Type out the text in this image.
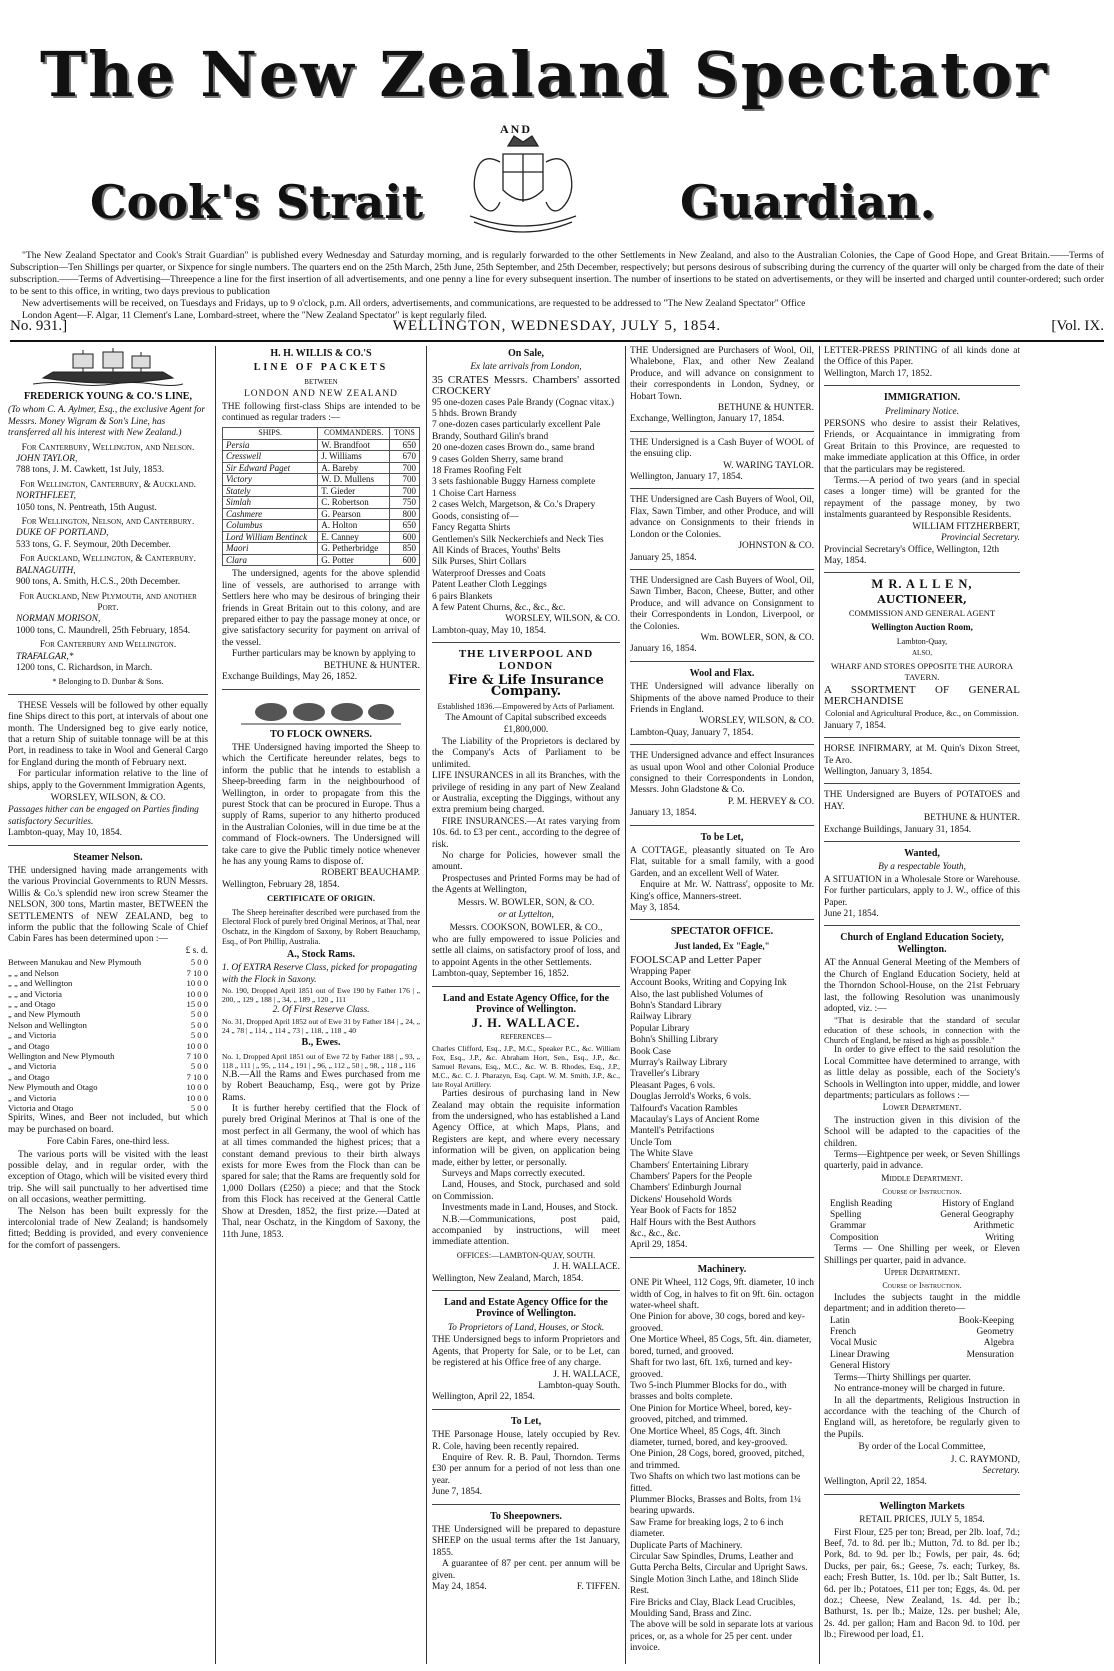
The New Zealand Spectator
AND
Cook's Strait	Guardian.

"The New Zealand Spectator and Cook's Strait Guardian" is published every Wednesday and Saturday morning, and is regularly forwarded to the other Settlements in New Zealand, and also to the Australian Colonies, the Cape of Good Hope, and Great Britain.——Terms of Subscription—Ten Shillings per quarter, or Sixpence for single numbers. The quarters end on the 25th March, 25th June, 25th September, and 25th December, respectively; but persons desirous of subscribing during the currency of the quarter will only be charged from the date of their subscription.——Terms of Advertising—Threepence a line for the first insertion of all advertisements, and one penny a line for every subsequent insertion. The number of insertions to be stated on advertisements, or they will be inserted and charged until counter-ordered; such order to be sent to this office, in writing, two days previous to publication

New advertisements will be received, on Tuesdays and Fridays, up to 9 o'clock, p.m. All orders, advertisements, and communications, are requested to be addressed to "The New Zealand Spectator" Office

London Agent—F. Algar, 11 Clement's Lane, Lombard-street, where the "New Zealand Spectator" is kept regularly filed.

WELLINGTON, WEDNESDAY, JULY 5, 1854.
No. 931.]	[Vol. IX.
FREDERICK YOUNG & CO.'S LINE,

(To whom C. A. Aylmer, Esq., the exclusive Agent for Messrs. Money Wigram & Son's Line, has transferred all his interest with New Zealand.)

For Canterbury, Wellington, and Nelson.
JOHN TAYLOR,
788 tons, J. M. Cawkett, 1st July, 1853.
For Wellington, Canterbury, & Auckland.
NORTHFLEET,
1050 tons, N. Pentreath, 15th August.
For Wellington, Nelson, and Canterbury.
DUKE OF PORTLAND,
533 tons, G. F. Seymour, 20th December.
For Auckland, Wellington, & Canterbury.
BALNAGUITH,
900 tons, A. Smith, H.C.S., 20th December.
For Auckland, New Plymouth, and another Port.
NORMAN MORISON,
1000 tons, C. Maundrell, 25th February, 1854.
For Canterbury and Wellington.
TRAFALGAR,*
1200 tons, C. Richardson, in March.
* Belonging to D. Dunbar & Sons.

THESE Vessels will be followed by other equally fine Ships direct to this port, at intervals of about one month. The Undersigned beg to give early notice, that a return Ship of suitable tonnage will be at this Port, in readiness to take in Wool and General Cargo for England during the month of February next.

For particular information relative to the line of ships, apply to the Government Immigration Agents,

WORSLEY, WILSON, & CO.

Passages hither can be engaged on Parties finding satisfactory Securities.

Lambton-quay, May 10, 1854.

Steamer Nelson.

THE undersigned having made arrangements with the various Provincial Governments to RUN Messrs. Willis & Co.'s splendid new iron screw Steamer the NELSON, 300 tons, Martin master, BETWEEN the SETTLEMENTS of NEW ZEALAND, beg to inform the public that the following Scale of Chief Cabin Fares has been determined upon :—

£ s. d.
Between Manukau and New Plymouth	5 0 0
„ „ and Nelson	7 10 0
„ „ and Wellington	10 0 0
„ „ and Victoria	10 0 0
„ „ and Otago	15 0 0
„ and New Plymouth	5 0 0
Nelson and Wellington	5 0 0
„ and Victoria	5 0 0
„ and Otago	10 0 0
Wellington and New Plymouth	7 10 0
„ and Victoria	5 0 0
„ and Otago	7 10 0
New Plymouth and Otago	10 0 0
„ and Victoria	10 0 0
Victoria and Otago	5 0 0

Spirits, Wines, and Beer not included, but which may be purchased on board.

Fore Cabin Fares, one-third less.

The various ports will be visited with the least possible delay, and in regular order, with the exception of Otago, which will be visited every third trip. She will sail punctually to her advertised time on all occasions, weather permitting.

The Nelson has been built expressly for the intercolonial trade of New Zealand; is handsomely fitted; Bedding is provided, and every convenience for the comfort of passengers.

H. H. WILLIS & CO.'S
LINE OF PACKETS
BETWEEN
LONDON AND NEW ZEALAND

THE following first-class Ships are intended to be continued as regular traders :—

SHIPS.	COMMANDERS.	TONS
Persia	W. Brandfoot	650
Cresswell	J. Williams	670
Sir Edward Paget	A. Bareby	700
Victory	W. D. Mullens	700
Stately	T. Gieder	700
Simlah	C. Robertson	750
Cashmere	G. Pearson	800
Columbus	A. Holton	650
Lord William Bentinck	E. Canney	600
Maori	G. Petherbridge	850
Clara	G. Potter	600

The undersigned, agents for the above splendid line of vessels, are authorised to arrange with Settlers here who may be desirous of bringing their friends in Great Britain out to this colony, and are prepared either to pay the passage money at once, or give satisfactory security for payment on arrival of the vessel.

Further particulars may be known by applying to

BETHUNE & HUNTER.

Exchange Buildings, May 26, 1852.

TO FLOCK OWNERS.

THE Undersigned having imported the Sheep to which the Certificate hereunder relates, begs to inform the public that he intends to establish a Sheep-breeding farm in the neighbourhood of Wellington, in order to propagate from this the purest Stock that can be procured in Europe. Thus a supply of Rams, superior to any hitherto produced in the Australian Colonies, will in due time be at the command of Flock-owners. The Undersigned will take care to give the Public timely notice whenever he has any young Rams to dispose of.

ROBERT BEAUCHAMP.

Wellington, February 28, 1854.

CERTIFICATE OF ORIGIN.

The Sheep hereinafter described were purchased from the Electoral Flock of purely bred Original Merinos, at Thal, near Oschatz, in the Kingdom of Saxony, by Robert Beauchamp, Esq., of Port Phillip, Australia.

A., Stock Rams.

1. Of EXTRA Reserve Class, picked for propagating with the Flock in Saxony.

No. 190, Dropped April 1851 out of Ewe 190 by Father 176 | „ 200, „ 129 „ 188 | „ 34, „ 189 „ 120 „ 111

2. Of First Reserve Class.

No. 31, Dropped April 1852 out of Ewe 31 by Father 184 | „ 24, „ 24 „ 78 | „ 114, „ 114 „ 73 | „ 118, „ 118 „ 40

B., Ewes.

No. 1, Dropped April 1851 out of Ewe 72 by Father 188 | „ 93, „ 118 „ 111 | „ 95, „ 114 „ 191 | „ 96, „ 112 „ 50 | „ 98, „ 118 „ 116

N.B.—All the Rams and Ewes purchased from me by Robert Beauchamp, Esq., were got by Prize Rams.

It is further hereby certified that the Flock of purely bred Original Merinos at Thal is one of the most perfect in all Germany, the wool of which has at all times commanded the highest prices; that a constant demand previous to their birth always exists for more Ewes from the Flock than can be spared for sale; that the Rams are frequently sold for 1,000 Dollars (£250) a piece; and that the Stock from this Flock has received at the General Cattle Show at Dresden, 1852, the first prize.—Dated at Thal, near Oschatz, in the Kingdom of Saxony, the 11th June, 1853.

On Sale,
Ex late arrivals from London,

35 CRATES Messrs. Chambers' assorted CROCKERY

95 one-dozen cases Pale Brandy (Cognac vitax.)
5 hhds. Brown Brandy
7 one-dozen cases particularly excellent Pale Brandy, Southard Gilin's brand
20 one-dozen cases Brown do., same brand
9 cases Golden Sherry, same brand
18 Frames Roofing Felt
3 sets fashionable Buggy Harness complete
1 Choise Cart Harness
2 cases Welch, Margetson, & Co.'s Drapery Goods, consisting of—
Fancy Regatta Shirts
Gentlemen's Silk Neckerchiefs and Neck Ties
All Kinds of Braces, Youths' Belts
Silk Purses, Shirt Collars
Waterproof Dresses and Coats
Patent Leather Cloth Leggings
6 pairs Blankets
A few Patent Churns, &c., &c., &c.
WORSLEY, WILSON, & CO.

Lambton-quay, May 10, 1854.

THE LIVERPOOL AND LONDON
Fire & Life Insurance Company.
Established 1836.—Empowered by Acts of Parliament.
The Amount of Capital subscribed exceeds £1,800,000.

The Liability of the Proprietors is declared by the Company's Acts of Parliament to be unlimited.

LIFE INSURANCES in all its Branches, with the privilege of residing in any part of New Zealand or Australia, excepting the Diggings, without any extra premium being charged.

FIRE INSURANCES.—At rates varying from 10s. 6d. to £3 per cent., according to the degree of risk.

No charge for Policies, however small the amount.

Prospectuses and Printed Forms may be had of the Agents at Wellington,

Messrs. W. BOWLER, SON, & CO.
or at Lyttelton,
Messrs. COOKSON, BOWLER, & CO.,

who are fully empowered to issue Policies and settle all claims, on satisfactory proof of loss, and to appoint Agents in the other Settlements.

Lambton-quay, September 16, 1852.

Land and Estate Agency Office, for the Province of Wellington.
J. H. WALLACE.
REFERENCES—

Charles Clifford, Esq., J.P., M.C., Speaker P.C., &c. William Fox, Esq., J.P., &c. Abraham Hort, Sen., Esq., J.P., &c. Samuel Revans, Esq., M.C., &c. W. B. Rhodes, Esq., J.P., M.C., &c. C. J. Pharazyn, Esq. Capt. W. M. Smith, J.P., &c., late Royal Artillery.

Parties desirous of purchasing land in New Zealand may obtain the requisite information from the undersigned, who has established a Land Agency Office, at which Maps, Plans, and Registers are kept, and where every necessary information will be given, on application being made, either by letter, or personally.

Surveys and Maps correctly executed.

Land, Houses, and Stock, purchased and sold on Commission.

Investments made in Land, Houses, and Stock.

N.B.—Communications, post paid, accompanied by instructions, will meet immediate attention.

OFFICES:—LAMBTON-QUAY, SOUTH.
J. H. WALLACE.

Wellington, New Zealand, March, 1854.

Land and Estate Agency Office for the Province of Wellington.
To Proprietors of Land, Houses, or Stock.

THE Undersigned begs to inform Proprietors and Agents, that Property for Sale, or to be Let, can be registered at his Office free of any charge.

J. H. WALLACE,
Lambton-quay South.

Wellington, April 22, 1854.

To Let,

THE Parsonage House, lately occupied by Rev. R. Cole, having been recently repaired.

Enquire of Rev. R. B. Paul, Thorndon. Terms £30 per annum for a period of not less than one year.

June 7, 1854.

To Sheepowners.

THE Undersigned will be prepared to depasture SHEEP on the usual terms after the 1st January, 1855.

A guarantee of 87 per cent. per annum will be given.

May 24, 1854.	F. TIFFEN.

THE Undersigned are Purchasers of Wool, Oil, Whalebone, Flax, and other New Zealand Produce, and will advance on consignment to their correspondents in London, Sydney, or Hobart Town.

BETHUNE & HUNTER.

Exchange, Wellington, January 17, 1854.

THE Undersigned is a Cash Buyer of WOOL of the ensuing clip.

W. WARING TAYLOR.

Wellington, January 17, 1854.

THE Undersigned are Cash Buyers of Wool, Oil, Flax, Sawn Timber, and other Produce, and will advance on Consignments to their friends in London or the Colonies.

JOHNSTON & CO.

January 25, 1854.

THE Undersigned are Cash Buyers of Wool, Oil, Sawn Timber, Bacon, Cheese, Butter, and other Produce, and will advance on Consignment to their Correspondents in London, Liverpool, or the Colonies.

Wm. BOWLER, SON, & CO.

January 16, 1854.

Wool and Flax.

THE Undersigned will advance liberally on Shipments of the above named Produce to their Friends in England.

WORSLEY, WILSON, & CO.

Lambton-Quay, January 7, 1854.

THE Undersigned advance and effect Insurances as usual upon Wool and other Colonial Produce consigned to their Correspondents in London, Messrs. John Gladstone & Co.

P. M. HERVEY & CO.

January 13, 1854.

To be Let,

A COTTAGE, pleasantly situated on Te Aro Flat, suitable for a small family, with a good Garden, and an excellent Well of Water.

Enquire at Mr. W. Nattrass', opposite to Mr. King's office, Manners-street.

May 3, 1854.

SPECTATOR OFFICE.
Just landed, Ex "Eagle,"

FOOLSCAP and Letter Paper

Wrapping Paper
Account Books, Writing and Copying Ink
Also, the last published Volumes of
Bohn's Standard Library
Railway Library
Popular Library
Bohn's Shilling Library
Book Case
Murray's Railway Library
Traveller's Library
Pleasant Pages, 6 vols.
Douglas Jerrold's Works, 6 vols.
Talfourd's Vacation Rambles
Macaulay's Lays of Ancient Rome
Mantell's Petrifactions
Uncle Tom
The White Slave
Chambers' Entertaining Library
Chambers' Papers for the People
Chambers' Edinburgh Journal
Dickens' Household Words
Year Book of Facts for 1852
Half Hours with the Best Authors
&c., &c., &c.

April 29, 1854.

Machinery.

ONE Pit Wheel, 112 Cogs, 9ft. diameter, 10 inch width of Cog, in halves to fit on 9ft. 6in. octagon water-wheel shaft.

One Pinion for above, 30 cogs, bored and key-grooved.
One Mortice Wheel, 85 Cogs, 5ft. 4in. diameter, bored, turned, and grooved.
Shaft for two last, 6ft. 1x6, turned and key-grooved.
Two 5-inch Plummer Blocks for do., with brasses and bolts complete.
One Pinion for Mortice Wheel, bored, key-grooved, pitched, and trimmed.
One Mortice Wheel, 85 Cogs, 4ft. 3inch diameter, turned, bored, and key-grooved.
One Pinion, 28 Cogs, bored, grooved, pitched, and trimmed.
Two Shafts on which two last motions can be fitted.
Plummer Blocks, Brasses and Bolts, from 1¼ bearing upwards.
Saw Frame for breaking logs, 2 to 6 inch diameter.
Duplicate Parts of Machinery.
Circular Saw Spindles, Drums, Leather and Gutta Percha Belts, Circular and Upright Saws.
Single Motion 3inch Lathe, and 18inch Slide Rest.
Fire Bricks and Clay, Black Lead Crucibles, Moulding Sand, Brass and Zinc.
The above will be sold in separate lots at various prices, or, as a whole for 25 per cent. under invoice.

LETTER-PRESS PRINTING of all kinds done at the Office of this Paper.

Wellington, March 17, 1852.

IMMIGRATION.
Preliminary Notice.

PERSONS who desire to assist their Relatives, Friends, or Acquaintance in immigrating from Great Britain to this Province, are requested to make immediate application at this Office, in order that the particulars may be registered.

Terms.—A period of two years (and in special cases a longer time) will be granted for the repayment of the passage money, by two instalments guaranteed by Responsible Residents.

WILLIAM FITZHERBERT,
Provincial Secretary.

Provincial Secretary's Office, Wellington, 12th May, 1854.

M R. A L L E N,
AUCTIONEER,
COMMISSION AND GENERAL AGENT
Wellington Auction Room,
Lambton-Quay,
ALSO,
WHARF AND STORES OPPOSITE THE AURORA TAVERN.

A SSORTMENT OF GENERAL MERCHANDISE

Colonial and Agricultural Produce, &c., on Commission.

January 7, 1854.

HORSE INFIRMARY, at M. Quin's Dixon Street, Te Aro.

Wellington, January 3, 1854.

THE Undersigned are Buyers of POTATOES and HAY.

BETHUNE & HUNTER.

Exchange Buildings, January 31, 1854.

Wanted,
By a respectable Youth,

A SITUATION in a Wholesale Store or Warehouse. For further particulars, apply to J. W., office of this Paper.

June 21, 1854.

Church of England Education Society, Wellington.

AT the Annual General Meeting of the Members of the Church of England Education Society, held at the Thorndon School-House, on the 21st February last, the following Resolution was unanimously adopted, viz. :—

"That is desirable that the standard of secular education of these schools, in connection with the Church of England, be raised as high as possible."

In order to give effect to the said resolution the Local Committee have determined to arrange, with as little delay as possible, each of the Society's Schools in Wellington into upper, middle, and lower departments; particulars as follows :—

Lower Department.

The instruction given in this division of the School will be adapted to the capacities of the children.

Terms—Eightpence per week, or Seven Shillings quarterly, paid in advance.

Middle Department.
Course of Instruction.
English Reading	History of England
Spelling	General Geography
Grammar	Arithmetic
Composition	Writing

Terms — One Shilling per week, or Eleven Shillings per quarter, paid in advance.

Upper Department.
Course of Instruction.

Includes the subjects taught in the middle department; and in addition thereto—

Latin	Book-Keeping
French	Geometry
Vocal Music	Algebra
Linear Drawing	Mensuration
General History

Terms—Thirty Shillings per quarter.

No entrance-money will be charged in future.

In all the departments, Religious Instruction in accordance with the teaching of the Church of England will, as heretofore, be regularly given to the Pupils.

By order of the Local Committee,
J. C. RAYMOND,
Secretary.

Wellington, April 22, 1854.

Wellington Markets
RETAIL PRICES, JULY 5, 1854.

First Flour, £25 per ton; Bread, per 2lb. loaf, 7d.; Beef, 7d. to 8d. per lb.; Mutton, 7d. to 8d. per lb.; Pork, 8d. to 9d. per lb.; Fowls, per pair, 4s. 6d; Ducks, per pair, 6s.; Geese, 7s. each; Turkey, 8s. each; Fresh Butter, 1s. 10d. per lb.; Salt Butter, 1s. 6d. per lb.; Potatoes, £11 per ton; Eggs, 4s. 0d. per doz.; Cheese, New Zealand, 1s. 4d. per lb.; Bathurst, 1s. per lb.; Maize, 12s. per bushel; Ale, 2s. 4d. per gallon; Ham and Bacon 9d. to 10d. per lb.; Firewood per load, £1.
